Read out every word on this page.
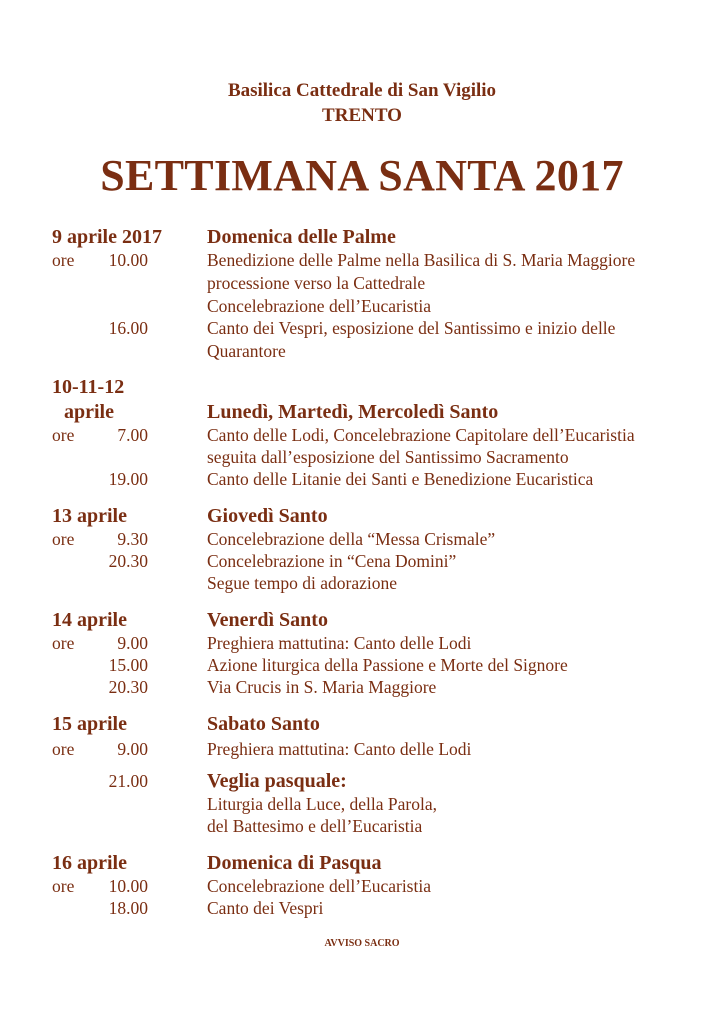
Basilica Cattedrale di San Vigilio
TRENTO
SETTIMANA SANTA 2017
9 aprile 2017 Domenica delle Palme
ore	10.00	Benedizione delle Palme nella Basilica di S. Maria Maggiore
processione verso la Cattedrale
Concelebrazione dell’Eucaristia
16.00	Canto dei Vespri, esposizione del Santissimo e inizio delle
Quarantore
10-11-12
aprile	Lunedì, Martedì, Mercoledì Santo
ore	7.00	Canto delle Lodi, Concelebrazione Capitolare dell’Eucaristia
seguita dall’esposizione del Santissimo Sacramento
19.00	Canto delle Litanie dei Santi e Benedizione Eucaristica
13 aprile	Giovedì Santo
ore	9.30	Concelebrazione della “Messa Crismale”
20.30	Concelebrazione in “Cena Domini”
Segue tempo di adorazione
14 aprile	Venerdì Santo
ore	9.00	Preghiera mattutina: Canto delle Lodi
15.00	Azione liturgica della Passione e Morte del Signore
20.30	Via Crucis in S. Maria Maggiore
15 aprile	Sabato Santo
ore	9.00	Preghiera mattutina: Canto delle Lodi
21.00	Veglia pasquale:
Liturgia della Luce, della Parola,
del Battesimo e dell’Eucaristia
16 aprile	Domenica di Pasqua
ore	10.00	Concelebrazione dell’Eucaristia
18.00	Canto dei Vespri
AVVISO SACRO
